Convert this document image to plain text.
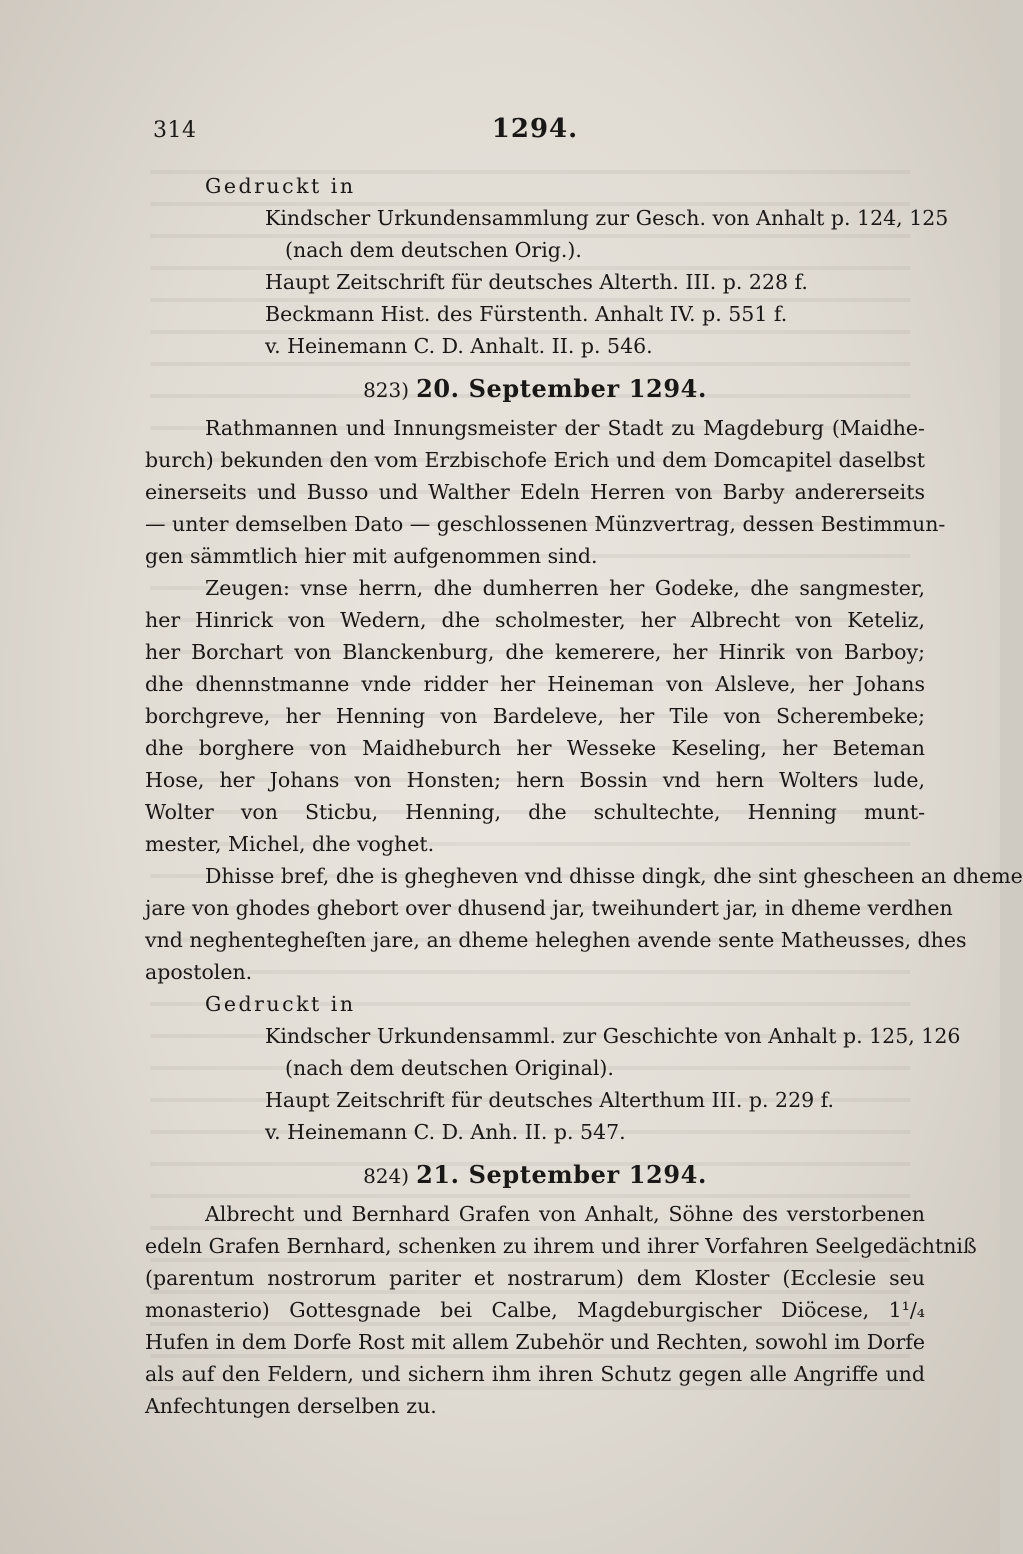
314	1294.
Gedruckt in
Kindscher Urkundensammlung zur Gesch. von Anhalt p. 124, 125
(nach dem deutschen Orig.).
Haupt Zeitschrift für deutsches Alterth. III. p. 228 f.
Beckmann Hist. des Fürstenth. Anhalt IV. p. 551 f.
v. Heinemann C. D. Anhalt. II. p. 546.
823) 20. September 1294.
Rathmannen und Innungsmeister der Stadt zu Magdeburg (Maidhe-
burch) bekunden den vom Erzbischofe Erich und dem Domcapitel daselbst
einerseits und Busso und Walther Edeln Herren von Barby andererseits
— unter demselben Dato — geschlossenen Münzvertrag, dessen Bestimmun-
gen sämmtlich hier mit aufgenommen sind.
Zeugen: vnse herrn, dhe dumherren her Godeke, dhe sangmester,
her Hinrick von Wedern, dhe scholmester, her Albrecht von Keteliz,
her Borchart von Blanckenburg, dhe kemerere, her Hinrik von Barboy;
dhe dhennstmanne vnde ridder her Heineman von Alsleve, her Johans
borchgreve, her Henning von Bardeleve, her Tile von Scherembeke;
dhe borghere von Maidheburch her Wesseke Keseling, her Beteman
Hose, her Johans von Honsten; hern Bossin vnd hern Wolters lude,
Wolter von Sticbu, Henning, dhe schultechte, Henning munt-
mester, Michel, dhe voghet.
Dhisse bref, dhe is ghegheven vnd dhisse dingk, dhe sint ghescheen an dheme
jare von ghodes ghebort over dhusend jar, tweihundert jar, in dheme verdhen
vnd neghentegheſten jare, an dheme heleghen avende sente Matheusses, dhes
apostolen.
Gedruckt in
Kindscher Urkundensamml. zur Geschichte von Anhalt p. 125, 126
(nach dem deutschen Original).
Haupt Zeitschrift für deutsches Alterthum III. p. 229 f.
v. Heinemann C. D. Anh. II. p. 547.
824) 21. September 1294.
Albrecht und Bernhard Grafen von Anhalt, Söhne des verstorbenen
edeln Grafen Bernhard, schenken zu ihrem und ihrer Vorfahren Seelgedächtniß
(parentum nostrorum pariter et nostrarum) dem Kloster (Ecclesie seu
monasterio) Gottesgnade bei Calbe, Magdeburgischer Diöcese, 1¹/₄
Hufen in dem Dorfe Rost mit allem Zubehör und Rechten, sowohl im Dorfe
als auf den Feldern, und sichern ihm ihren Schutz gegen alle Angriffe und
Anfechtungen derselben zu.
